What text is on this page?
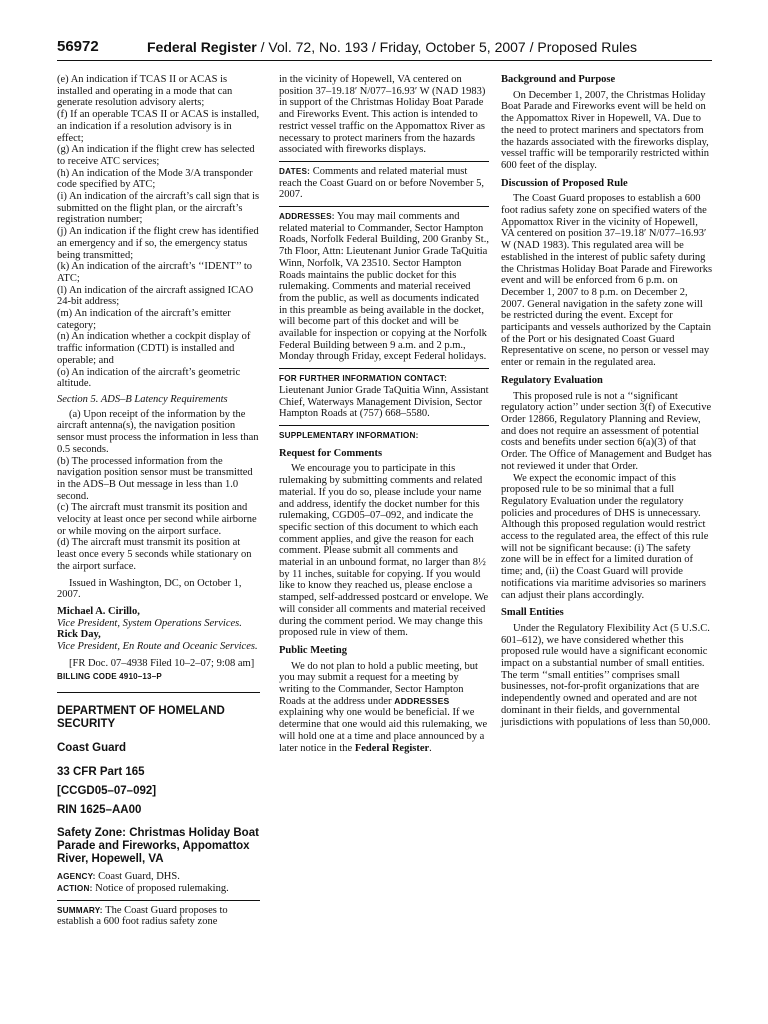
56972	Federal Register / Vol. 72, No. 193 / Friday, October 5, 2007 / Proposed Rules

(e) An indication if TCAS II or ACAS is installed and operating in a mode that can generate resolution advisory alerts;

(f) If an operable TCAS II or ACAS is installed, an indication if a resolution advisory is in effect;

(g) An indication if the flight crew has selected to receive ATC services;

(h) An indication of the Mode 3/A transponder code specified by ATC;

(i) An indication of the aircraft’s call sign that is submitted on the flight plan, or the aircraft’s registration number;

(j) An indication if the flight crew has identified an emergency and if so, the emergency status being transmitted;

(k) An indication of the aircraft’s ‘‘IDENT’’ to ATC;

(l) An indication of the aircraft assigned ICAO 24-bit address;

(m) An indication of the aircraft’s emitter category;

(n) An indication whether a cockpit display of traffic information (CDTI) is installed and operable; and

(o) An indication of the aircraft’s geometric altitude.

Section 5. ADS–B Latency Requirements

(a) Upon receipt of the information by the aircraft antenna(s), the navigation position sensor must process the information in less than 0.5 seconds.

(b) The processed information from the navigation position sensor must be transmitted in the ADS–B Out message in less than 1.0 second.

(c) The aircraft must transmit its position and velocity at least once per second while airborne or while moving on the airport surface.

(d) The aircraft must transmit its position at least once every 5 seconds while stationary on the airport surface.

Issued in Washington, DC, on October 1, 2007.

Michael A. Cirillo,

Vice President, System Operations Services.

Rick Day,

Vice President, En Route and Oceanic Services.

[FR Doc. 07–4938 Filed 10–2–07; 9:08 am]

BILLING CODE 4910–13–P

DEPARTMENT OF HOMELAND SECURITY

Coast Guard

33 CFR Part 165

[CCGD05–07–092]

RIN 1625–AA00

Safety Zone: Christmas Holiday Boat Parade and Fireworks, Appomattox River, Hopewell, VA

AGENCY: Coast Guard, DHS.

ACTION: Notice of proposed rulemaking.

SUMMARY: The Coast Guard proposes to establish a 600 foot radius safety zone

in the vicinity of Hopewell, VA centered on position 37–19.18′ N/077–16.93′ W (NAD 1983) in support of the Christmas Holiday Boat Parade and Fireworks Event. This action is intended to restrict vessel traffic on the Appomattox River as necessary to protect mariners from the hazards associated with fireworks displays.

DATES: Comments and related material must reach the Coast Guard on or before November 5, 2007.

ADDRESSES: You may mail comments and related material to Commander, Sector Hampton Roads, Norfolk Federal Building, 200 Granby St., 7th Floor, Attn: Lieutenant Junior Grade TaQuitia Winn, Norfolk, VA 23510. Sector Hampton Roads maintains the public docket for this rulemaking. Comments and material received from the public, as well as documents indicated in this preamble as being available in the docket, will become part of this docket and will be available for inspection or copying at the Norfolk Federal Building between 9 a.m. and 2 p.m., Monday through Friday, except Federal holidays.

FOR FURTHER INFORMATION CONTACT:

Lieutenant Junior Grade TaQuitia Winn, Assistant Chief, Waterways Management Division, Sector Hampton Roads at (757) 668–5580.

SUPPLEMENTARY INFORMATION:

Request for Comments

We encourage you to participate in this rulemaking by submitting comments and related material. If you do so, please include your name and address, identify the docket number for this rulemaking, CGD05–07–092, and indicate the specific section of this document to which each comment applies, and give the reason for each comment. Please submit all comments and material in an unbound format, no larger than 8½ by 11 inches, suitable for copying. If you would like to know they reached us, please enclose a stamped, self-addressed postcard or envelope. We will consider all comments and material received during the comment period. We may change this proposed rule in view of them.

Public Meeting

We do not plan to hold a public meeting, but you may submit a request for a meeting by writing to the Commander, Sector Hampton Roads at the address under ADDRESSES explaining why one would be beneficial. If we determine that one would aid this rulemaking, we will hold one at a time and place announced by a later notice in the Federal Register.

Background and Purpose

On December 1, 2007, the Christmas Holiday Boat Parade and Fireworks event will be held on the Appomattox River in Hopewell, VA. Due to the need to protect mariners and spectators from the hazards associated with the fireworks display, vessel traffic will be temporarily restricted within 600 feet of the display.

Discussion of Proposed Rule

The Coast Guard proposes to establish a 600 foot radius safety zone on specified waters of the Appomattox River in the vicinity of Hopewell, VA centered on position 37–19.18′ N/077–16.93′ W (NAD 1983). This regulated area will be established in the interest of public safety during the Christmas Holiday Boat Parade and Fireworks event and will be enforced from 6 p.m. on December 1, 2007 to 8 p.m. on December 2, 2007. General navigation in the safety zone will be restricted during the event. Except for participants and vessels authorized by the Captain of the Port or his designated Coast Guard Representative on scene, no person or vessel may enter or remain in the regulated area.

Regulatory Evaluation

This proposed rule is not a ‘‘significant regulatory action’’ under section 3(f) of Executive Order 12866, Regulatory Planning and Review, and does not require an assessment of potential costs and benefits under section 6(a)(3) of that Order. The Office of Management and Budget has not reviewed it under that Order.

We expect the economic impact of this proposed rule to be so minimal that a full Regulatory Evaluation under the regulatory policies and procedures of DHS is unnecessary. Although this proposed regulation would restrict access to the regulated area, the effect of this rule will not be significant because: (i) The safety zone will be in effect for a limited duration of time; and, (ii) the Coast Guard will provide notifications via maritime advisories so mariners can adjust their plans accordingly.

Small Entities

Under the Regulatory Flexibility Act (5 U.S.C. 601–612), we have considered whether this proposed rule would have a significant economic impact on a substantial number of small entities. The term ‘‘small entities’’ comprises small businesses, not-for-profit organizations that are independently owned and operated and are not dominant in their fields, and governmental jurisdictions with populations of less than 50,000.
